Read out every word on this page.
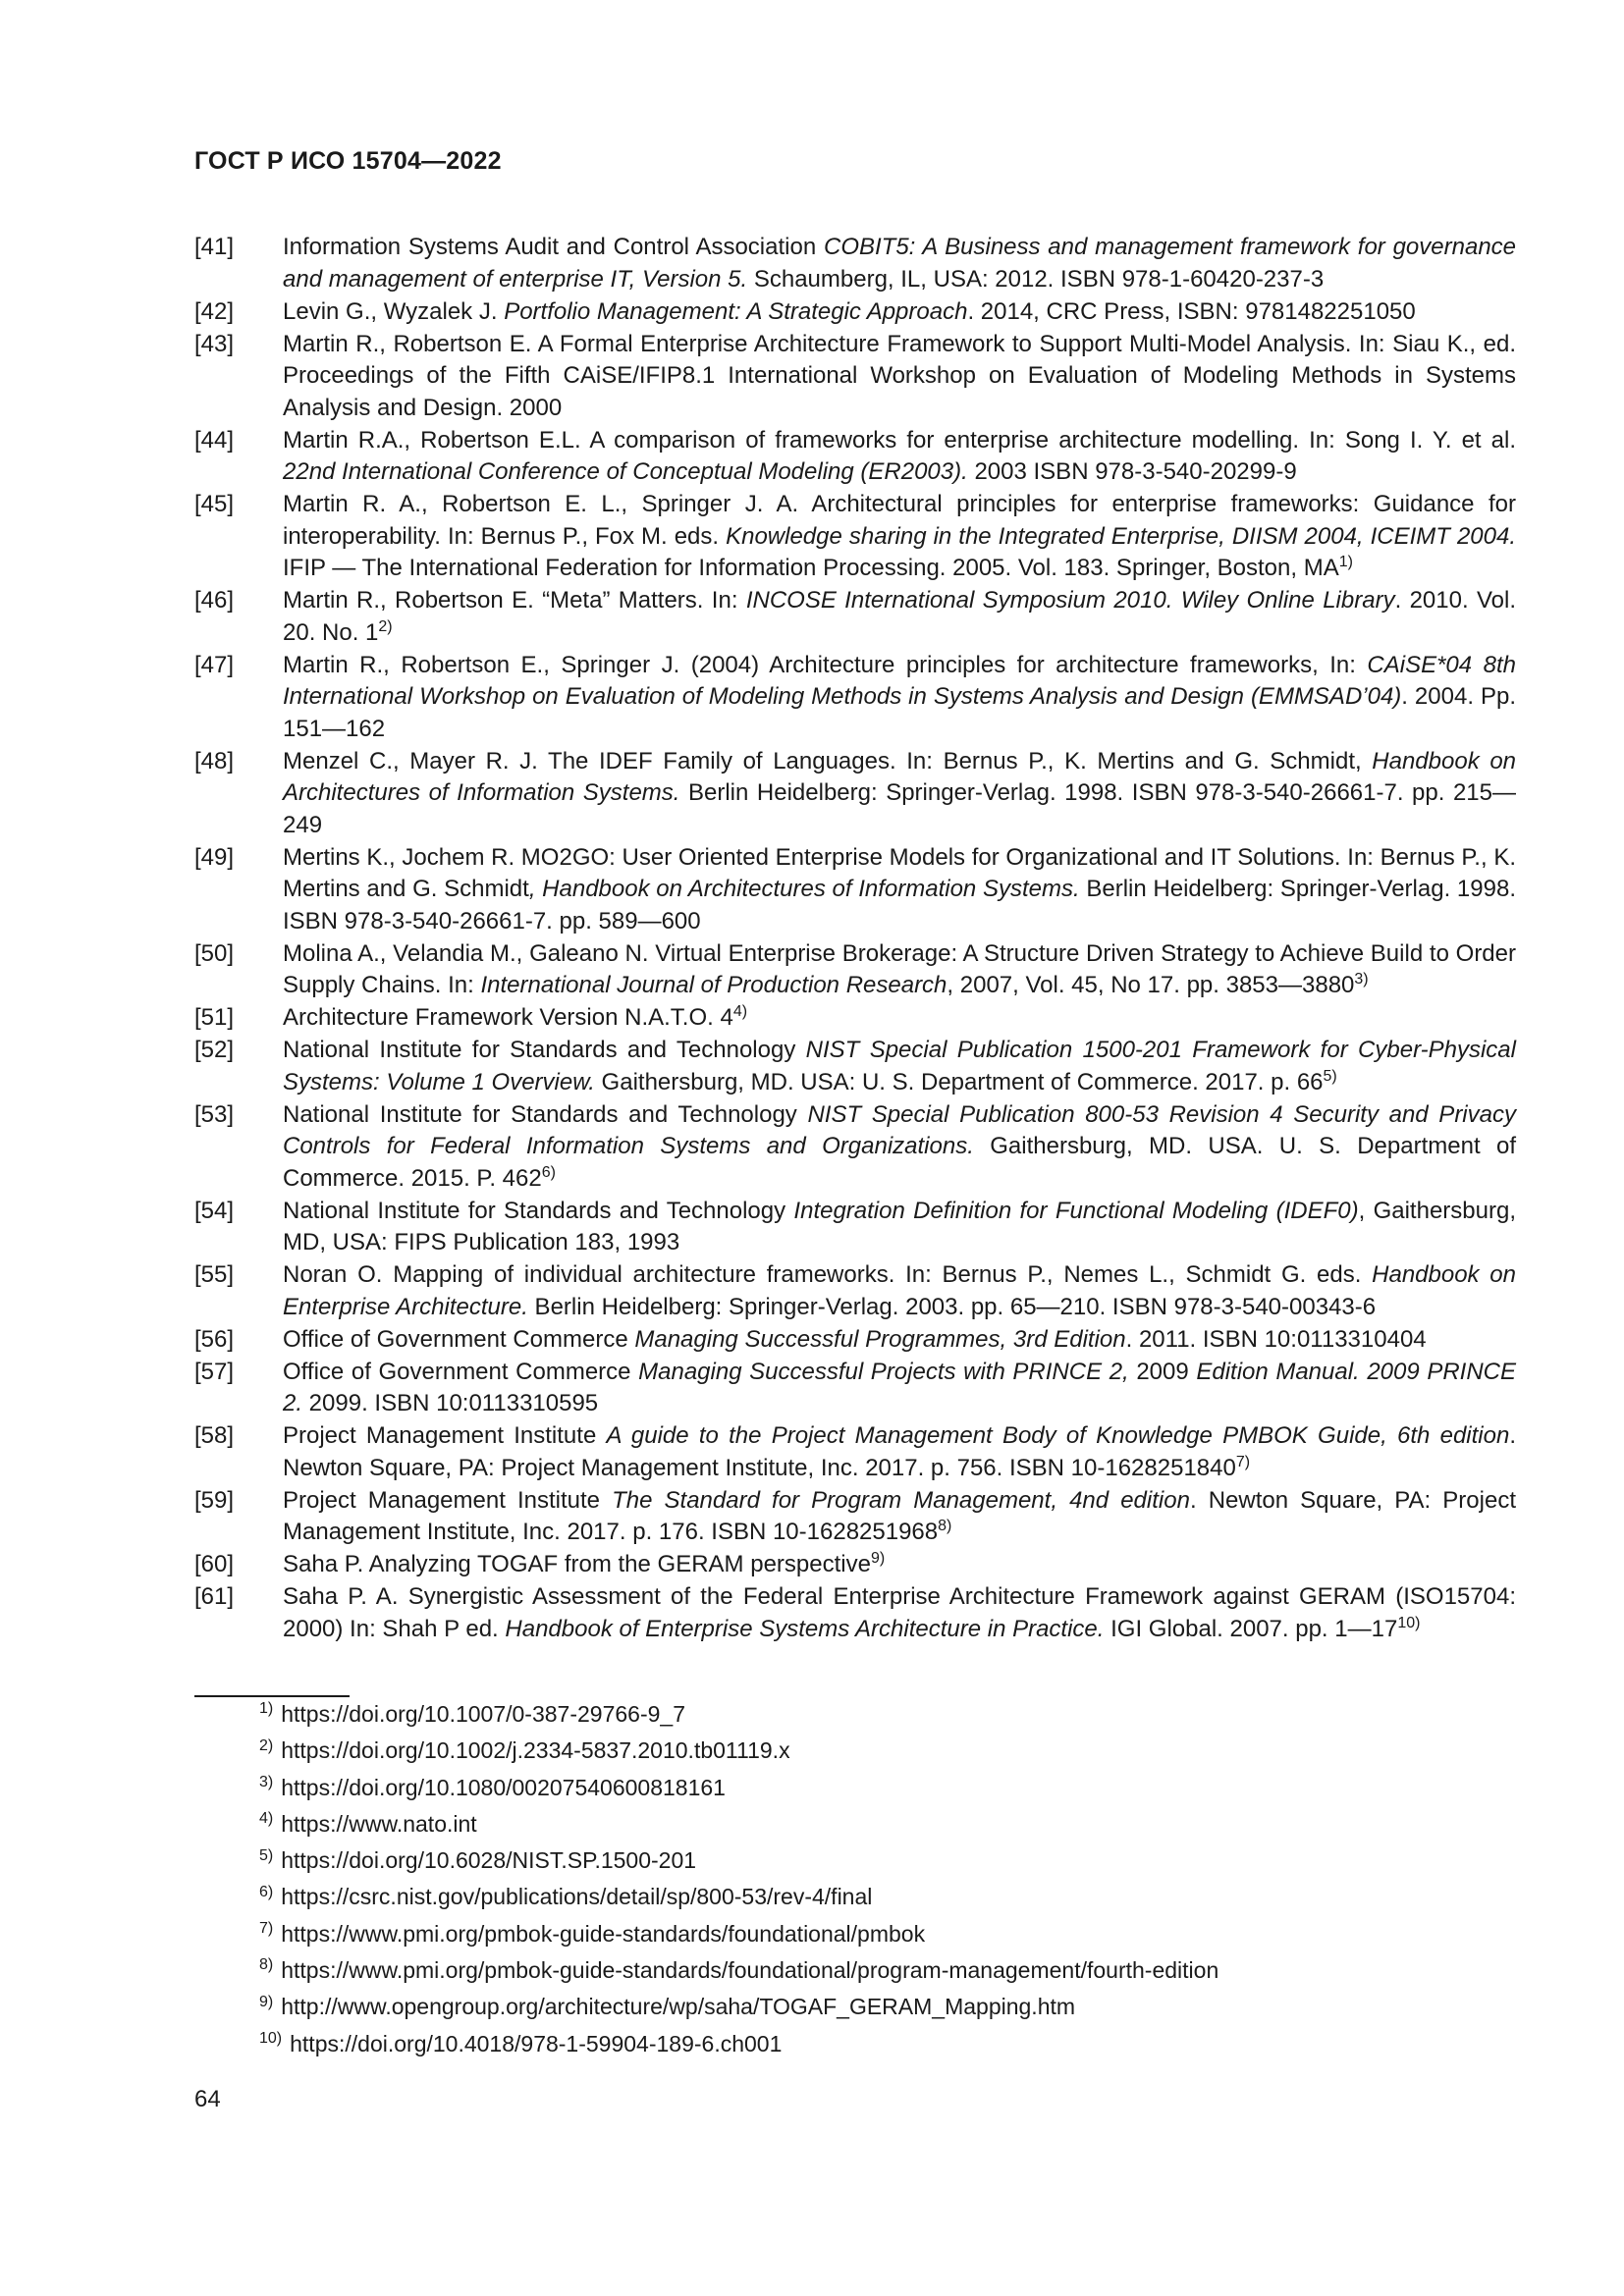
ГОСТ Р ИСО 15704—2022
[41]	Information Systems Audit and Control Association COBIT5: A Business and management framework for governance and management of enterprise IT, Version 5. Schaumberg, IL, USA: 2012. ISBN 978-1-60420-237-3
[42]	Levin G., Wyzalek J. Portfolio Management: A Strategic Approach. 2014, CRC Press, ISBN: 9781482251050
[43]	Martin R., Robertson E. A Formal Enterprise Architecture Framework to Support Multi-Model Analysis. In: Siau K., ed. Proceedings of the Fifth CAiSE/IFIP8.1 International Workshop on Evaluation of Modeling Methods in Systems Analysis and Design. 2000
[44]	Martin R.A., Robertson E.L. A comparison of frameworks for enterprise architecture modelling. In: Song I. Y. et al. 22nd International Conference of Conceptual Modeling (ER2003). 2003 ISBN 978-3-540-20299-9
[45]	Martin R. A., Robertson E. L., Springer J. A. Architectural principles for enterprise frameworks: Guidance for interoperability. In: Bernus P., Fox M. eds. Knowledge sharing in the Integrated Enterprise, DIISM 2004, ICEIMT 2004. IFIP — The International Federation for Information Processing. 2005. Vol. 183. Springer, Boston, MA$^{1)}$
[46]	Martin R., Robertson E. “Meta” Matters. In: INCOSE International Symposium 2010. Wiley Online Library. 2010. Vol. 20. No. 1$^{2)}$
[47]	Martin R., Robertson E., Springer J. (2004) Architecture principles for architecture frameworks, In: CAiSE*04 8th International Workshop on Evaluation of Modeling Methods in Systems Analysis and Design (EMMSAD’04). 2004. Pp. 151—162
[48]	Menzel C., Mayer R. J. The IDEF Family of Languages. In: Bernus P., K. Mertins and G. Schmidt, Handbook on Architectures of Information Systems. Berlin Heidelberg: Springer-Verlag. 1998. ISBN 978-3-540-26661-7. pp. 215—249
[49]	Mertins K., Jochem R. MO2GO: User Oriented Enterprise Models for Organizational and IT Solutions. In: Bernus P., K. Mertins and G. Schmidt, Handbook on Architectures of Information Systems. Berlin Heidelberg: Springer-Verlag. 1998. ISBN 978-3-540-26661-7. pp. 589—600
[50]	Molina A., Velandia M., Galeano N. Virtual Enterprise Brokerage: A Structure Driven Strategy to Achieve Build to Order Supply Chains. In: International Journal of Production Research, 2007, Vol. 45, No 17. pp. 3853—3880$^{3)}$
[51]	Architecture Framework Version N.A.T.O. 4$^{4)}$
[52]	National Institute for Standards and Technology NIST Special Publication 1500-201 Framework for Cyber-Physical Systems: Volume 1 Overview. Gaithersburg, MD. USA: U. S. Department of Commerce. 2017. p. 66$^{5)}$
[53]	National Institute for Standards and Technology NIST Special Publication 800-53 Revision 4 Security and Privacy Controls for Federal Information Systems and Organizations. Gaithersburg, MD. USA. U. S. Department of Commerce. 2015. P. 462$^{6)}$
[54]	National Institute for Standards and Technology Integration Definition for Functional Modeling (IDEF0), Gaithersburg, MD, USA: FIPS Publication 183, 1993
[55]	Noran O. Mapping of individual architecture frameworks. In: Bernus P., Nemes L., Schmidt G. eds. Handbook on Enterprise Architecture. Berlin Heidelberg: Springer-Verlag. 2003. pp. 65—210. ISBN 978-3-540-00343-6
[56]	Office of Government Commerce Managing Successful Programmes, 3rd Edition. 2011. ISBN 10:0113310404
[57]	Office of Government Commerce Managing Successful Projects with PRINCE 2, 2009 Edition Manual. 2009 PRINCE 2. 2099. ISBN 10:0113310595
[58]	Project Management Institute A guide to the Project Management Body of Knowledge PMBOK Guide, 6th edition. Newton Square, PA: Project Management Institute, Inc. 2017. p. 756. ISBN 10-1628251840$^{7)}$
[59]	Project Management Institute The Standard for Program Management, 4nd edition. Newton Square, PA: Project Management Institute, Inc. 2017. p. 176. ISBN 10-1628251968$^{8)}$
[60]	Saha P. Analyzing TOGAF from the GERAM perspective$^{9)}$
[61]	Saha P. A. Synergistic Assessment of the Federal Enterprise Architecture Framework against GERAM (ISO15704: 2000) In: Shah P ed. Handbook of Enterprise Systems Architecture in Practice. IGI Global. 2007. pp. 1—17$^{10)}$
$^{1)}$ https://doi.org/10.1007/0-387-29766-9_7
$^{2)}$ https://doi.org/10.1002/j.2334-5837.2010.tb01119.x
$^{3)}$ https://doi.org/10.1080/00207540600818161
$^{4)}$ https://www.nato.int
$^{5)}$ https://doi.org/10.6028/NIST.SP.1500-201
$^{6)}$ https://csrc.nist.gov/publications/detail/sp/800-53/rev-4/final
$^{7)}$ https://www.pmi.org/pmbok-guide-standards/foundational/pmbok
$^{8)}$ https://www.pmi.org/pmbok-guide-standards/foundational/program-management/fourth-edition
$^{9)}$ http://www.opengroup.org/architecture/wp/saha/TOGAF_GERAM_Mapping.htm
$^{10)}$ https://doi.org/10.4018/978-1-59904-189-6.ch001
64
